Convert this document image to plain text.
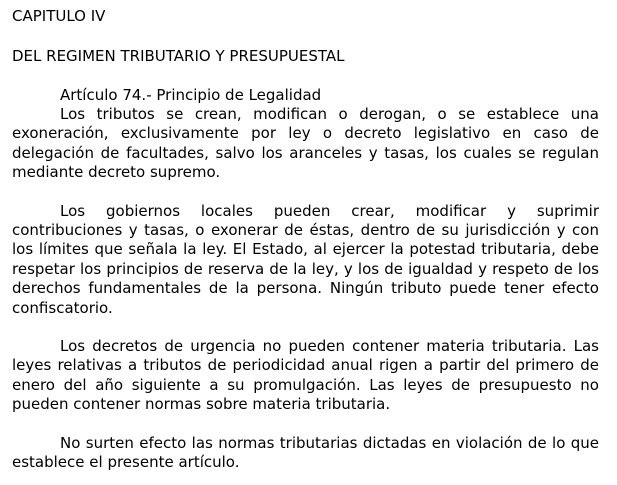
CAPITULO IV
DEL REGIMEN TRIBUTARIO Y PRESUPUESTAL
Artículo 74.- Principio de Legalidad

Los tributos se crean, modifican o derogan, o se establece una exoneración, exclusivamente por ley o decreto legislativo en caso de delegación de facultades, salvo los aranceles y tasas, los cuales se regulan mediante decreto supremo.

Los gobiernos locales pueden crear, modificar y suprimir contribuciones y tasas, o exonerar de éstas, dentro de su jurisdicción y con los límites que señala la ley. El Estado, al ejercer la potestad tributaria, debe respetar los principios de reserva de la ley, y los de igualdad y respeto de los derechos fundamentales de la persona. Ningún tributo puede tener efecto confiscatorio.

Los decretos de urgencia no pueden contener materia tributaria. Las leyes relativas a tributos de periodicidad anual rigen a partir del primero de enero del año siguiente a su promulgación. Las leyes de presupuesto no pueden contener normas sobre materia tributaria.

No surten efecto las normas tributarias dictadas en violación de lo que establece el presente artículo.
